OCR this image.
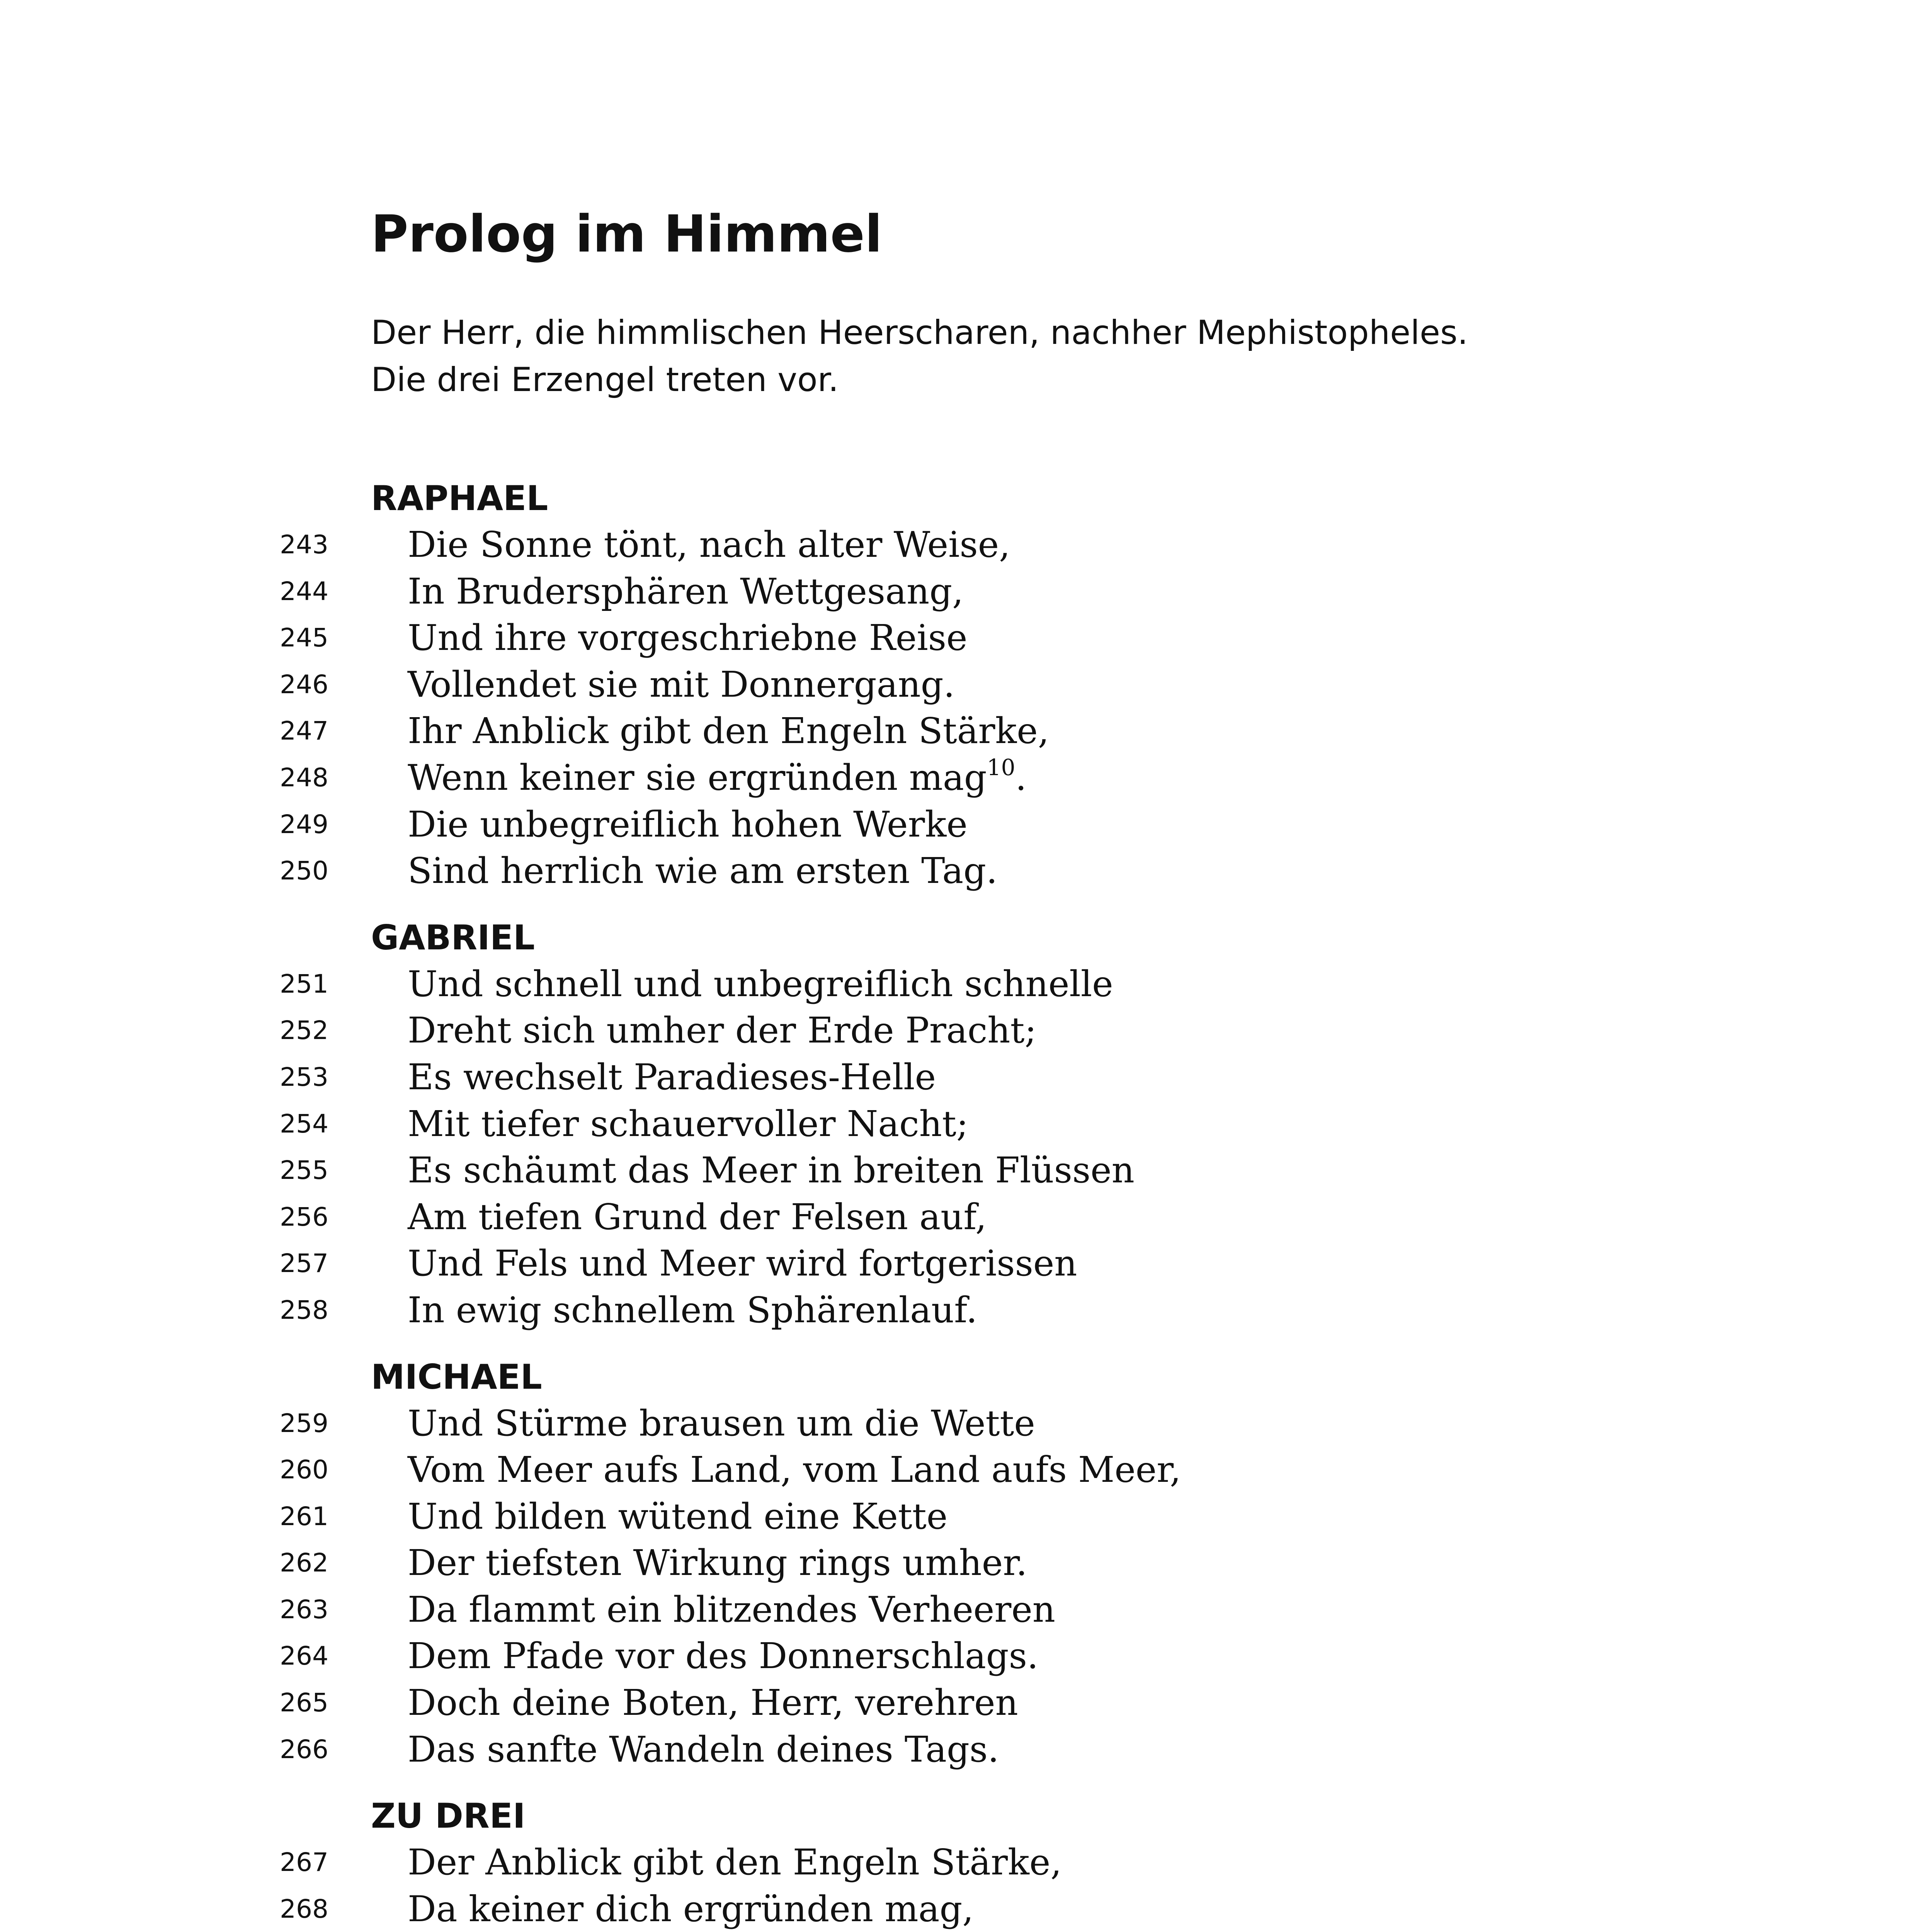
Prolog im Himmel
Der Herr, die himmlischen Heerscharen, nachher Mephistopheles.
Die drei Erzengel treten vor.
RAPHAEL
243 Die Sonne tönt, nach alter Weise,
244 In Brudersphären Wettgesang,
245 Und ihre vorgeschriebne Reise
246 Vollendet sie mit Donnergang.
247 Ihr Anblick gibt den Engeln Stärke,
248 Wenn keiner sie ergründen mag$^{10}$.
249 Die unbegreiflich hohen Werke
250 Sind herrlich wie am ersten Tag.
GABRIEL
251 Und schnell und unbegreiflich schnelle
252 Dreht sich umher der Erde Pracht;
253 Es wechselt Paradieses-Helle
254 Mit tiefer schauervoller Nacht;
255 Es schäumt das Meer in breiten Flüssen
256 Am tiefen Grund der Felsen auf,
257 Und Fels und Meer wird fortgerissen
258 In ewig schnellem Sphärenlauf.
MICHAEL
259 Und Stürme brausen um die Wette
260 Vom Meer aufs Land, vom Land aufs Meer,
261 Und bilden wütend eine Kette
262 Der tiefsten Wirkung rings umher.
263 Da flammt ein blitzendes Verheeren
264 Dem Pfade vor des Donnerschlags.
265 Doch deine Boten, Herr, verehren
266 Das sanfte Wandeln deines Tags.
ZU DREI
267 Der Anblick gibt den Engeln Stärke,
268 Da keiner dich ergründen mag,
